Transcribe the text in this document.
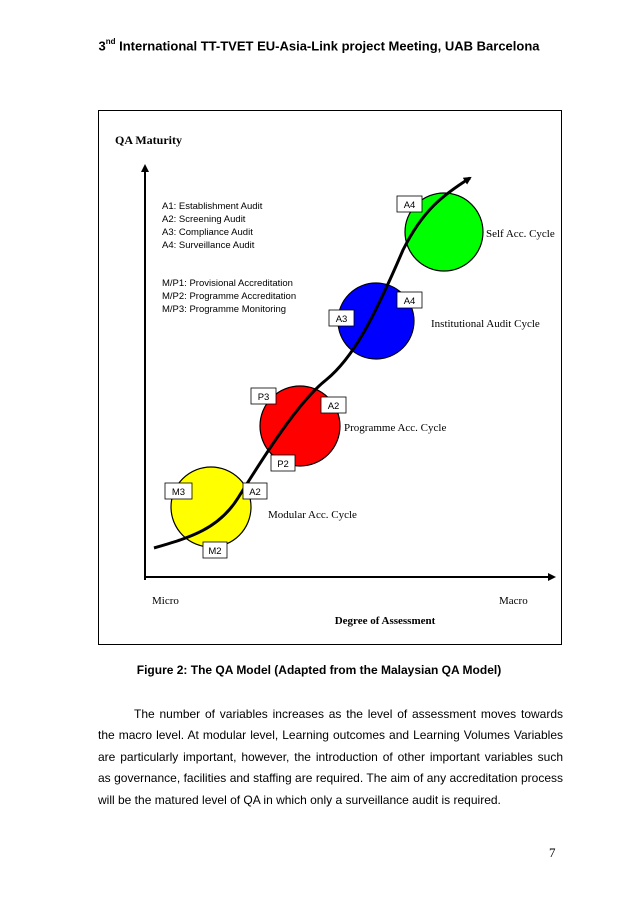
3nd International TT-TVET EU-Asia-Link project Meeting, UAB Barcelona
QA Maturity
A1: Establishment Audit
A2: Screening Audit
A3: Compliance Audit
A4: Surveillance Audit
M/P1: Provisional Accreditation
M/P2: Programme Accreditation
M/P3: Programme Monitoring
M3	A2
M2
P3
A2
P2
A3
A4
A4
Self Acc. Cycle
Institutional Audit Cycle
Programme Acc. Cycle
Modular Acc. Cycle
Micro	Macro
Degree of Assessment
Figure 2: The QA Model (Adapted from the Malaysian QA Model)

The number of variables increases as the level of assessment moves towards the macro level. At modular level, Learning outcomes and Learning Volumes Variables are particularly important, however, the introduction of other important variables such as governance, facilities and staffing are required. The aim of any accreditation process will be the matured level of QA in which only a surveillance audit is required.

7
